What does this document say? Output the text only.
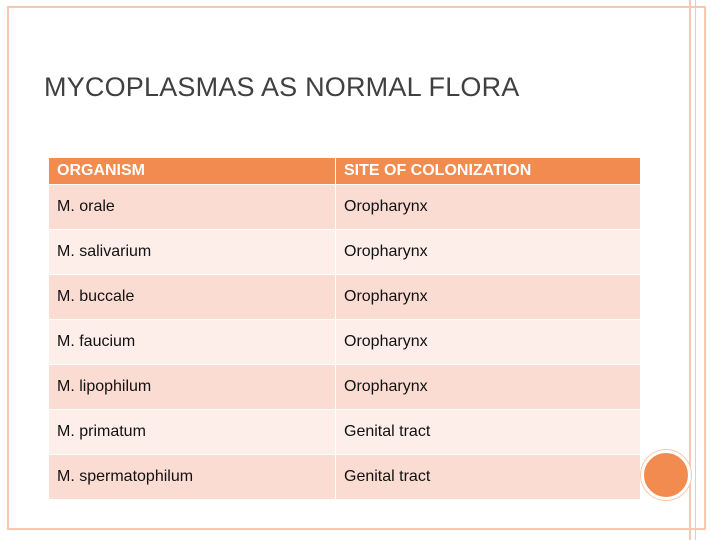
MYCOPLASMAS AS NORMAL FLORA
ORGANISM	SITE OF COLONIZATION
M. orale	Oropharynx
M. salivarium	Oropharynx
M. buccale	Oropharynx
M. faucium	Oropharynx
M. lipophilum	Oropharynx
M. primatum	Genital tract
M. spermatophilum	Genital tract
